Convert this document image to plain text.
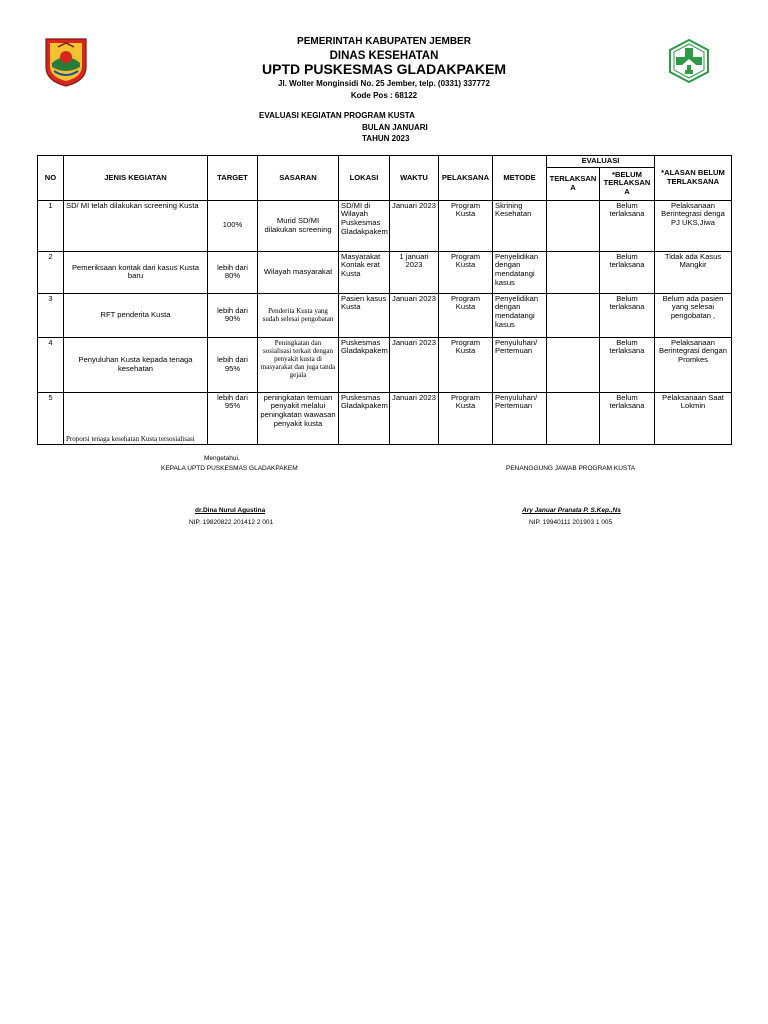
PEMERINTAH KABUPATEN JEMBER
DINAS KESEHATAN
UPTD PUSKESMAS GLADAKPAKEM
Jl. Wolter Monginsidi No. 25 Jember, telp. (0331) 337772
Kode Pos : 68122
EVALUASI KEGIATAN PROGRAM KUSTA
BULAN JANUARI
TAHUN 2023
NO	JENIS KEGIATAN	TARGET	SASARAN	LOKASI	WAKTU	PELAKSANA	METODE	EVALUASI		*ALASAN BELUM TERLAKSANA
								TERLAKSAN A	*BELUM TERLAKSAN A	
1	SD/ MI telah dilakukan screening Kusta	100%	Murid SD/MI dilakukan screening	SD/MI di Wilayah Puskesmas Gladakpakem	Januari 2023	Program Kusta	Skrining Kesehatan		Belum terlaksana	Pelaksanaan Berintegrasi denga PJ UKS,Jiwa
2	Pemeriksaan kontak dari kasus Kusta baru	lebih dari 80%	Wilayah masyarakat	Masyarakat Kontak erat Kusta	1 januari 2023	Program Kusta	Penyelidikan dengan mendatangi kasus		Belum terlaksana	Tidak ada Kasus Mangkir
3	RFT penderita Kusta	lebih dari 90%	Penderita Kusta yang sudah selesai pengobatan	Pasien kasus Kusta	Januari 2023	Program Kusta	Penyelidikan dengan mendatangi kasus		Belum terlaksana	Belum ada pasien yang selesai pengobatan ,
4	Penyuluhan Kusta kepada tenaga kesehatan	lebih dari 95%	Peningkatan dan sosialisasi terkait dengan penyakit kusta di masyarakat dan juga tanda gejala	Puskesmas Gladakpakem	Januari 2023	Program Kusta	Penyuluhan/ Pertemuan		Belum terlaksana	Pelaksanaan Berintegrasi dengan Promkes
5	Proporsi tenaga kesehatan Kusta tersosialisasi	lebih dari 95%	peningkatan temuan penyakit melalui peningkatan wawasan penyakit kusta	Puskesmas Gladakpakem	Januari 2023	Program Kusta	Penyuluhan/ Pertemuan		Belum terlaksana	Pelaksanaan Saat Lokmin
Mengetahui,
KEPALA UPTD PUSKESMAS GLADAKPAKEM	PENANGGUNG JAWAB PROGRAM KUSTA
dr.Dina Nurul Agustina
NIP. 19820822 201412 2 001
Ary Januar Pranata P. S.Kep.,Ns
NIP. 19940111 201903 1 005
